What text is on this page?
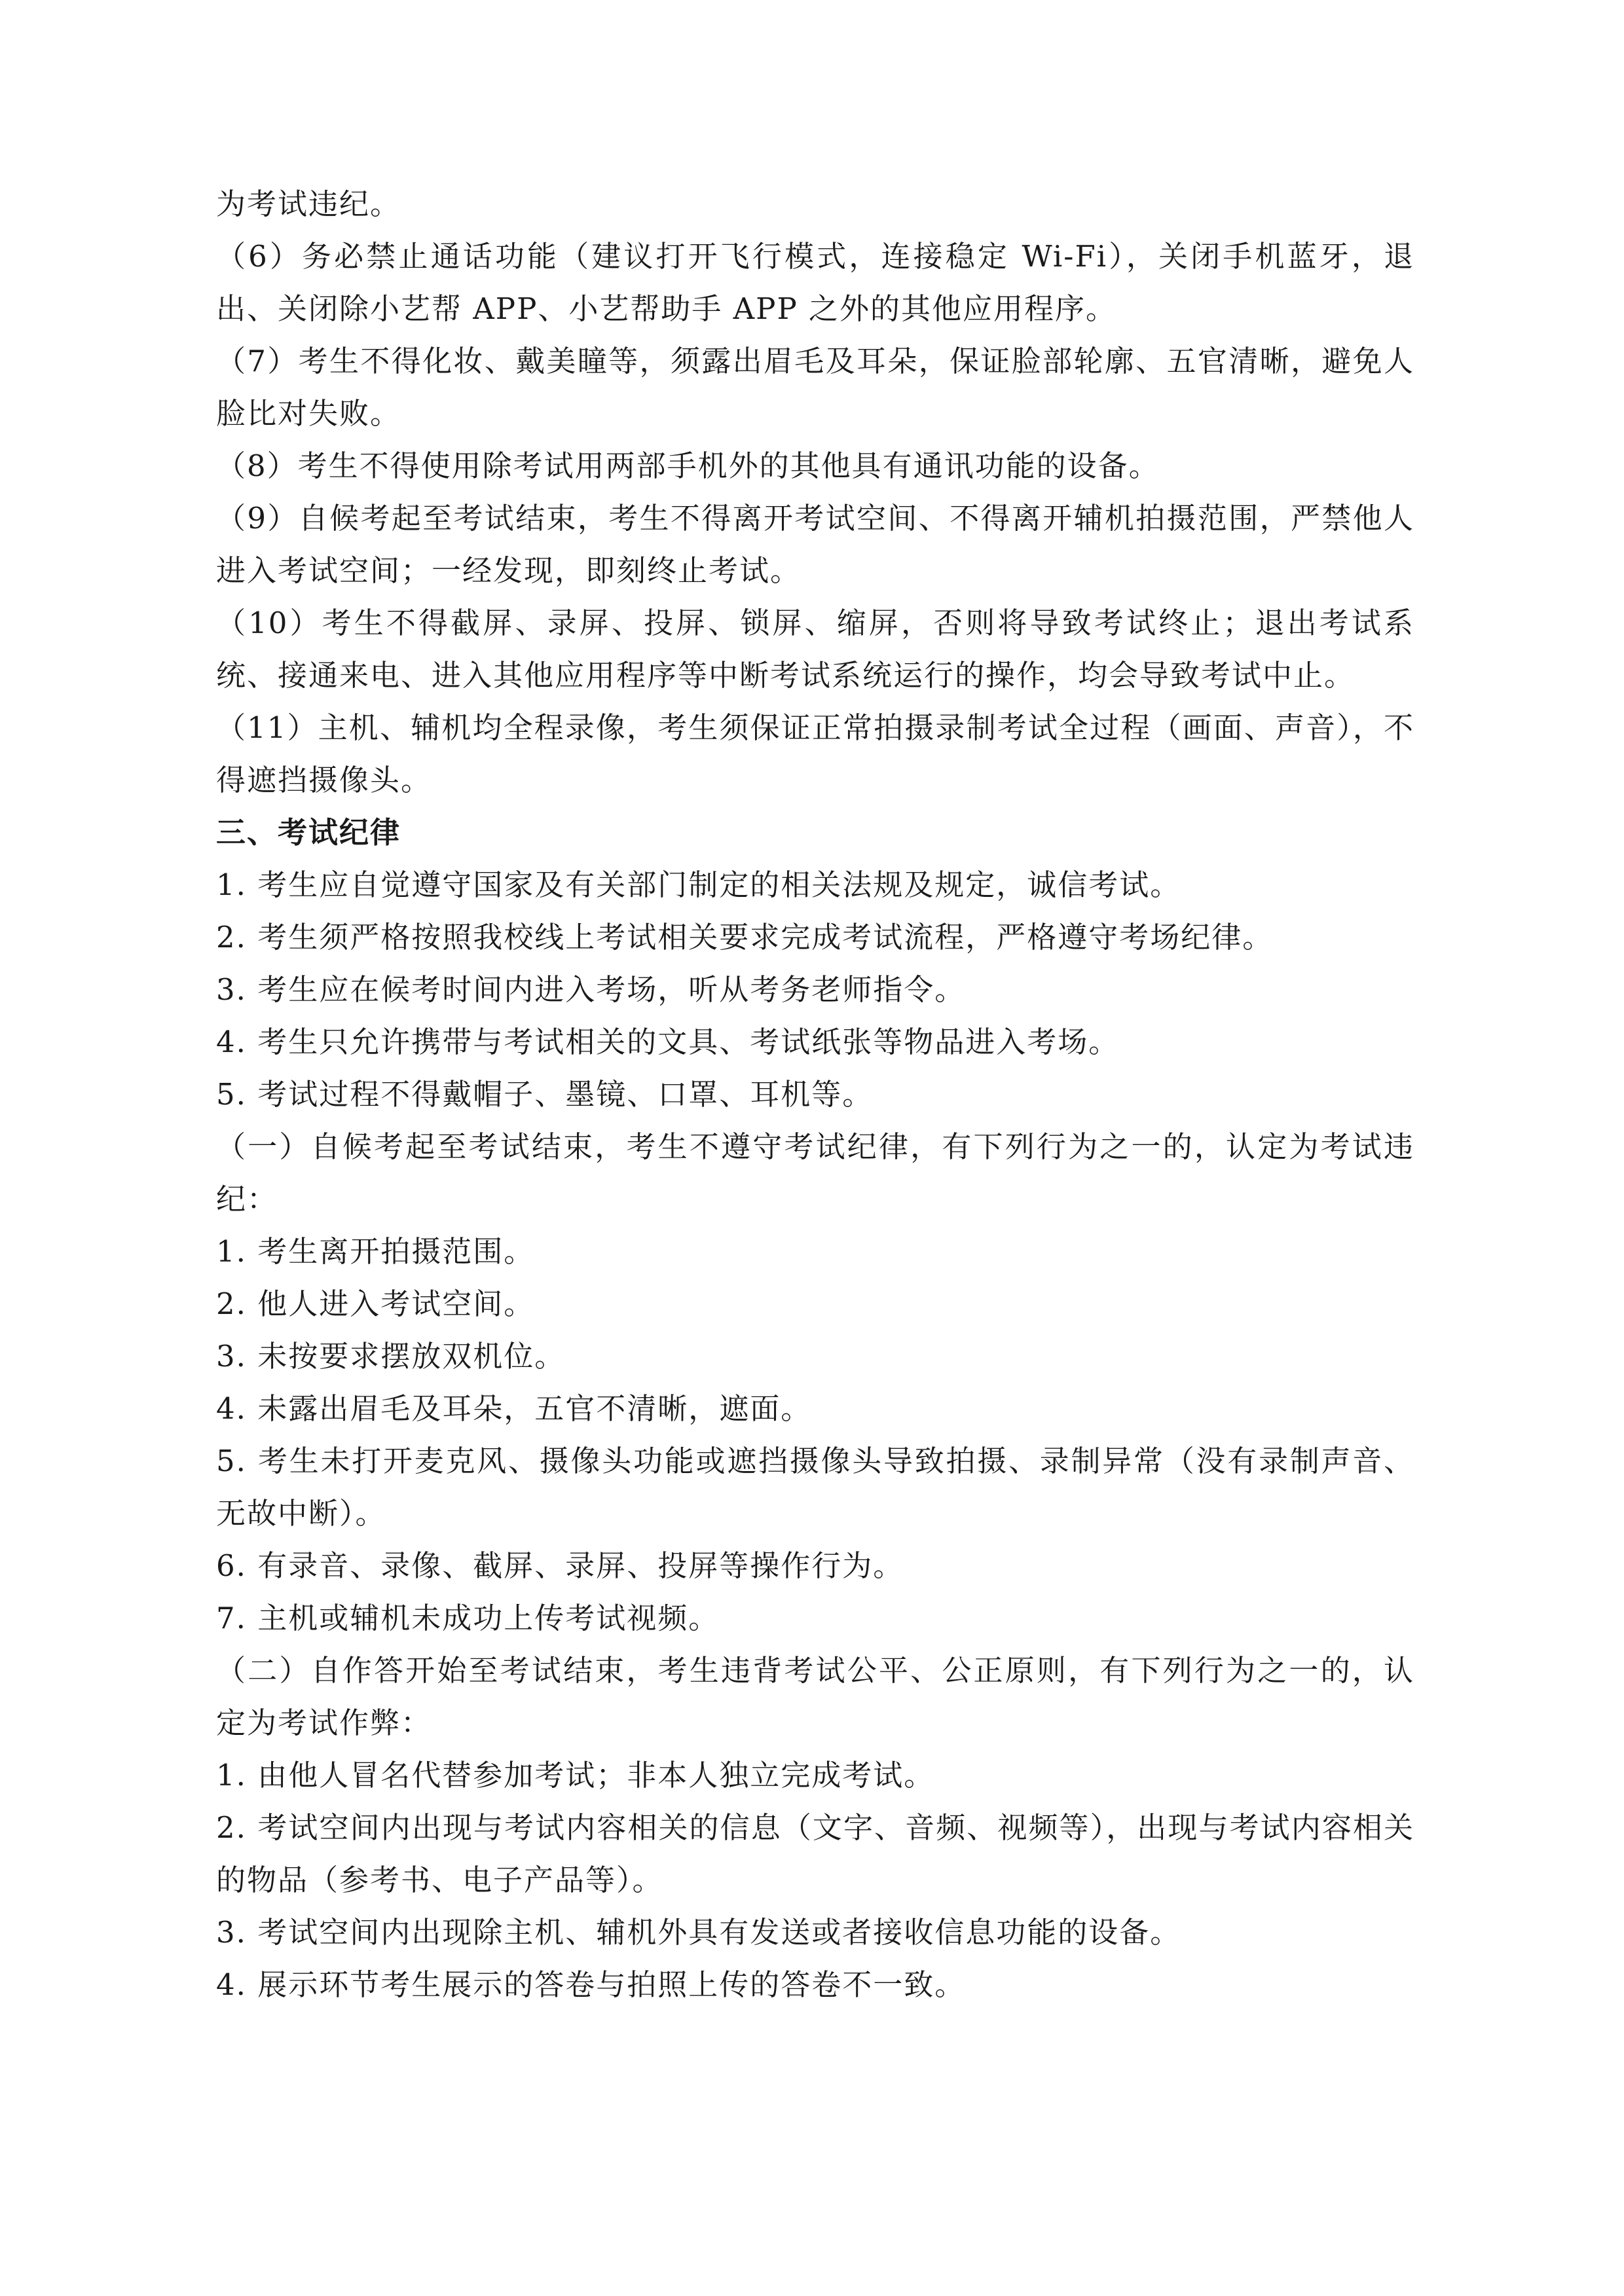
为考试违纪。

（6）务必禁止通话功能（建议打开飞行模式，连接稳定 Wi-Fi），关闭手机蓝牙，退出、关闭除小艺帮 APP、小艺帮助手 APP 之外的其他应用程序。

（7）考生不得化妆、戴美瞳等，须露出眉毛及耳朵，保证脸部轮廓、五官清晰，避免人脸比对失败。

（8）考生不得使用除考试用两部手机外的其他具有通讯功能的设备。

（9）自候考起至考试结束，考生不得离开考试空间、不得离开辅机拍摄范围，严禁他人进入考试空间；一经发现，即刻终止考试。

（10）考生不得截屏、录屏、投屏、锁屏、缩屏，否则将导致考试终止；退出考试系统、接通来电、进入其他应用程序等中断考试系统运行的操作，均会导致考试中止。

（11）主机、辅机均全程录像，考生须保证正常拍摄录制考试全过程（画面、声音），不得遮挡摄像头。

三、考试纪律

1. 考生应自觉遵守国家及有关部门制定的相关法规及规定，诚信考试。

2. 考生须严格按照我校线上考试相关要求完成考试流程，严格遵守考场纪律。

3. 考生应在候考时间内进入考场，听从考务老师指令。

4. 考生只允许携带与考试相关的文具、考试纸张等物品进入考场。

5. 考试过程不得戴帽子、墨镜、口罩、耳机等。

（一）自候考起至考试结束，考生不遵守考试纪律，有下列行为之一的，认定为考试违纪：

1. 考生离开拍摄范围。

2. 他人进入考试空间。

3. 未按要求摆放双机位。

4. 未露出眉毛及耳朵，五官不清晰，遮面。

5. 考生未打开麦克风、摄像头功能或遮挡摄像头导致拍摄、录制异常（没有录制声音、无故中断）。

6. 有录音、录像、截屏、录屏、投屏等操作行为。

7. 主机或辅机未成功上传考试视频。

（二）自作答开始至考试结束，考生违背考试公平、公正原则，有下列行为之一的，认定为考试作弊：

1. 由他人冒名代替参加考试；非本人独立完成考试。

2. 考试空间内出现与考试内容相关的信息（文字、音频、视频等），出现与考试内容相关的物品（参考书、电子产品等）。

3. 考试空间内出现除主机、辅机外具有发送或者接收信息功能的设备。

4. 展示环节考生展示的答卷与拍照上传的答卷不一致。
